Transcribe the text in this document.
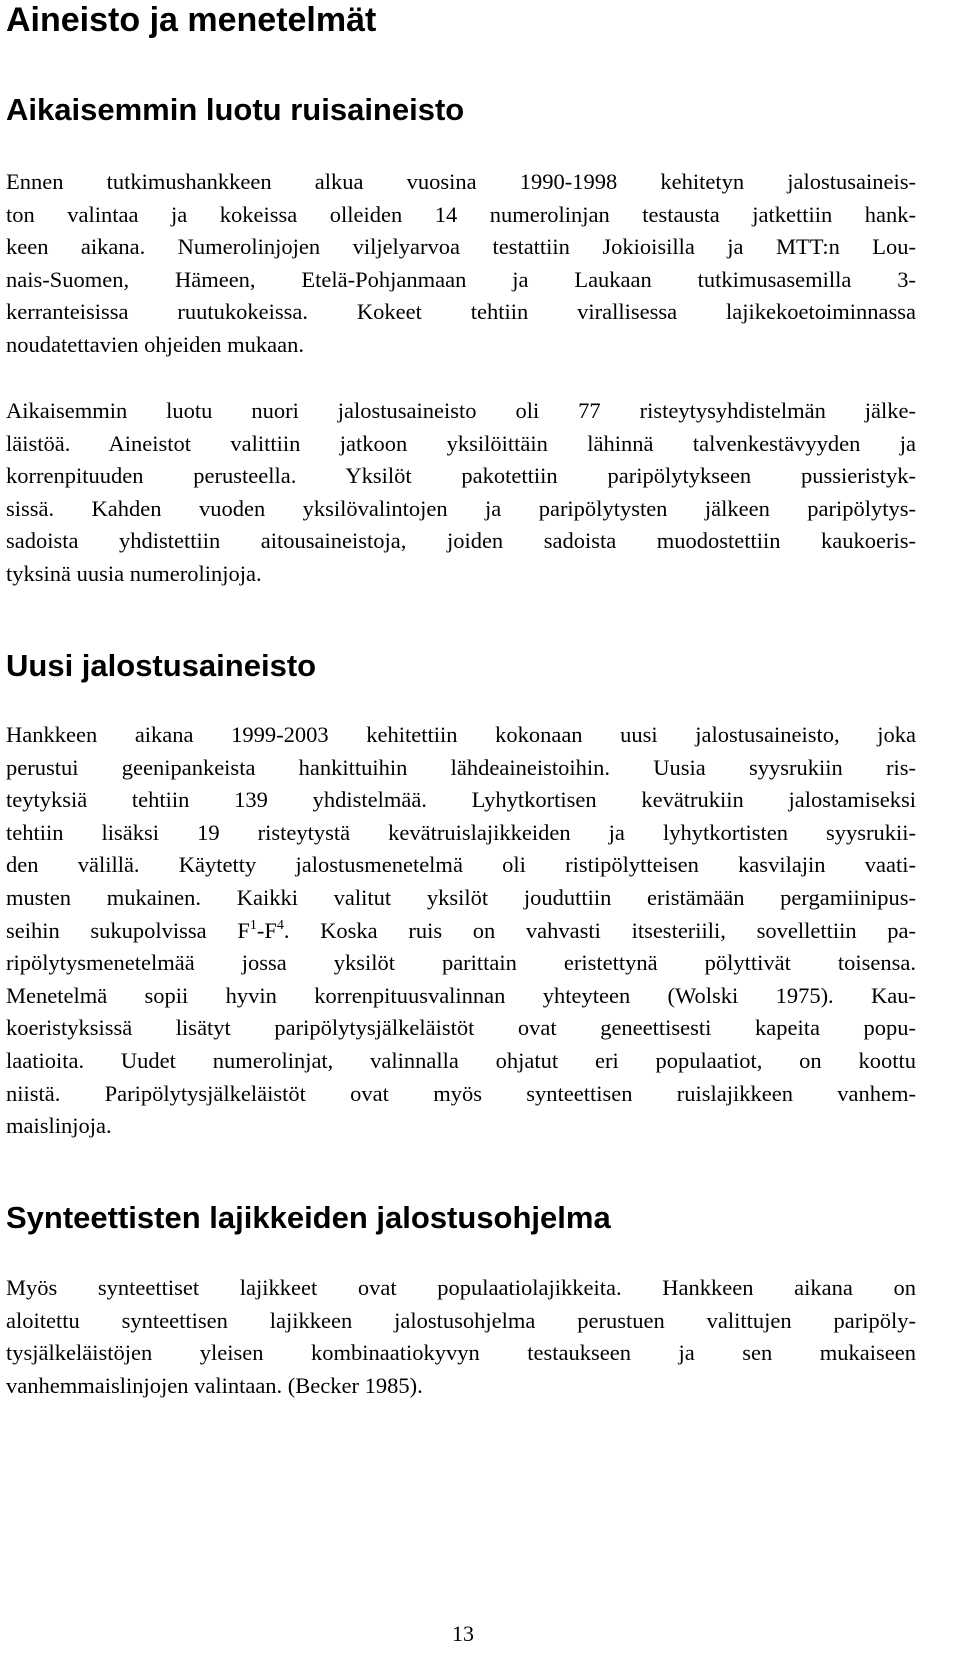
Aineisto ja menetelmät
Aikaisemmin luotu ruisaineisto

Ennen tutkimushankkeen alkua vuosina 1990-1998 kehitetyn jalostusaineis-
ton valintaa ja kokeissa olleiden 14 numerolinjan testausta jatkettiin hank-
keen aikana. Numerolinjojen viljelyarvoa testattiin Jokioisilla ja MTT:n Lou-
nais-Suomen, Hämeen, Etelä-Pohjanmaan ja Laukaan tutkimusasemilla 3-
kerranteisissa ruutukokeissa. Kokeet tehtiin virallisessa lajikekoetoiminnassa
noudatettavien ohjeiden mukaan.

Aikaisemmin luotu nuori jalostusaineisto oli 77 risteytysyhdistelmän jälke-
läistöä. Aineistot valittiin jatkoon yksilöittäin lähinnä talvenkestävyyden ja
korrenpituuden perusteella. Yksilöt pakotettiin paripölytykseen pussieristyk-
sissä. Kahden vuoden yksilövalintojen ja paripölytysten jälkeen paripölytys-
sadoista yhdistettiin aitousaineistoja, joiden sadoista muodostettiin kaukoeris-
tyksinä uusia numerolinjoja.

Uusi jalostusaineisto

Hankkeen aikana 1999-2003 kehitettiin kokonaan uusi jalostusaineisto, joka
perustui geenipankeista hankittuihin lähdeaineistoihin. Uusia syysrukiin ris-
teytyksiä tehtiin 139 yhdistelmää. Lyhytkortisen kevätrukiin jalostamiseksi
tehtiin lisäksi 19 risteytystä kevätruislajikkeiden ja lyhytkortisten syysrukii-
den välillä. Käytetty jalostusmenetelmä oli ristipölytteisen kasvilajin vaati-
musten mukainen. Kaikki valitut yksilöt jouduttiin eristämään pergamiinipus-
seihin sukupolvissa $F^1-F^4$. Koska ruis on vahvasti itsesteriili, sovellettiin pa-
ripölytysmenetelmää jossa yksilöt parittain eristettynä pölyttivät toisensa.
Menetelmä sopii hyvin korrenpituusvalinnan yhteyteen (Wolski 1975). Kau-
koeristyksissä lisätyt paripölytysjälkeläistöt ovat geneettisesti kapeita popu-
laatioita. Uudet numerolinjat, valinnalla ohjatut eri populaatiot, on koottu
niistä. Paripölytysjälkeläistöt ovat myös synteettisen ruislajikkeen vanhem-
maislinjoja.

Synteettisten lajikkeiden jalostusohjelma

Myös synteettiset lajikkeet ovat populaatiolajikkeita. Hankkeen aikana on
aloitettu synteettisen lajikkeen jalostusohjelma perustuen valittujen paripöly-
tysjälkeläistöjen yleisen kombinaatiokyvyn testaukseen ja sen mukaiseen
vanhemmaislinjojen valintaan. (Becker 1985).

13
